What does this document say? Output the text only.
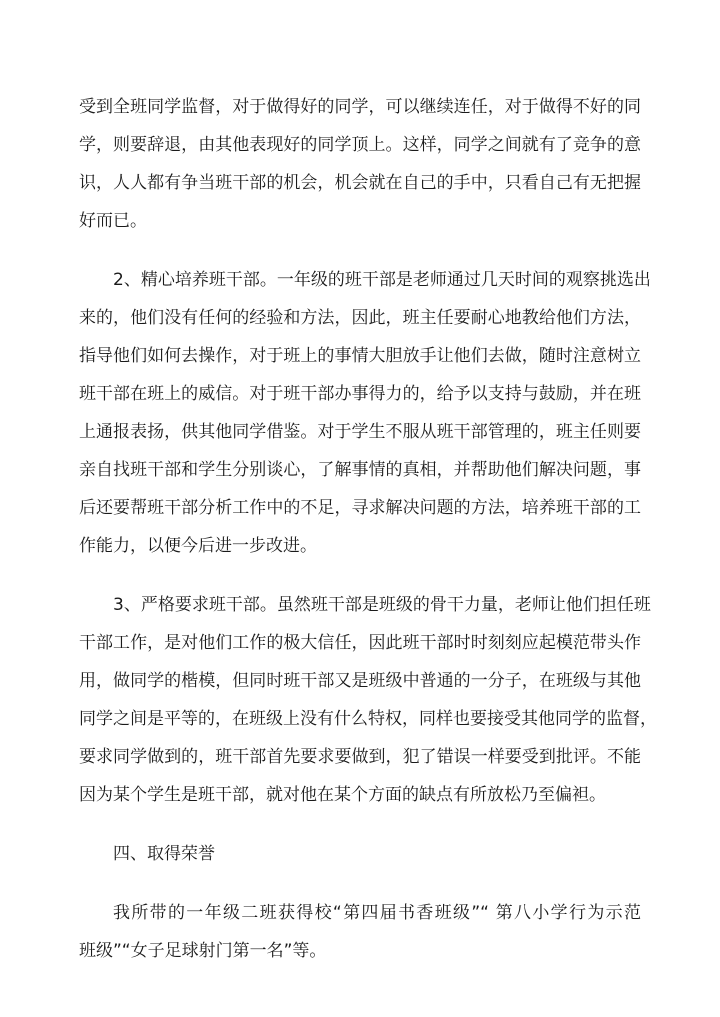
受到全班同学监督，对于做得好的同学，可以继续连任，对于做得不好的同
学，则要辞退，由其他表现好的同学顶上。这样，同学之间就有了竞争的意
识，人人都有争当班干部的机会，机会就在自己的手中，只看自己有无把握
好而已。
2、精心培养班干部。一年级的班干部是老师通过几天时间的观察挑选出
来的，他们没有任何的经验和方法，因此，班主任要耐心地教给他们方法，
指导他们如何去操作，对于班上的事情大胆放手让他们去做，随时注意树立
班干部在班上的威信。对于班干部办事得力的，给予以支持与鼓励，并在班
上通报表扬，供其他同学借鉴。对于学生不服从班干部管理的，班主任则要
亲自找班干部和学生分别谈心，了解事情的真相，并帮助他们解决问题，事
后还要帮班干部分析工作中的不足，寻求解决问题的方法，培养班干部的工
作能力，以便今后进一步改进。
3、严格要求班干部。虽然班干部是班级的骨干力量，老师让他们担任班
干部工作，是对他们工作的极大信任，因此班干部时时刻刻应起模范带头作
用，做同学的楷模，但同时班干部又是班级中普通的一分子，在班级与其他
同学之间是平等的，在班级上没有什么特权，同样也要接受其他同学的监督，
要求同学做到的，班干部首先要求要做到，犯了错误一样要受到批评。不能
因为某个学生是班干部，就对他在某个方面的缺点有所放松乃至偏袒。
四、取得荣誉
我所带的一年级二班获得校“第四届书香班级”“ 第八小学行为示范
班级”“女子足球射门第一名”等。
